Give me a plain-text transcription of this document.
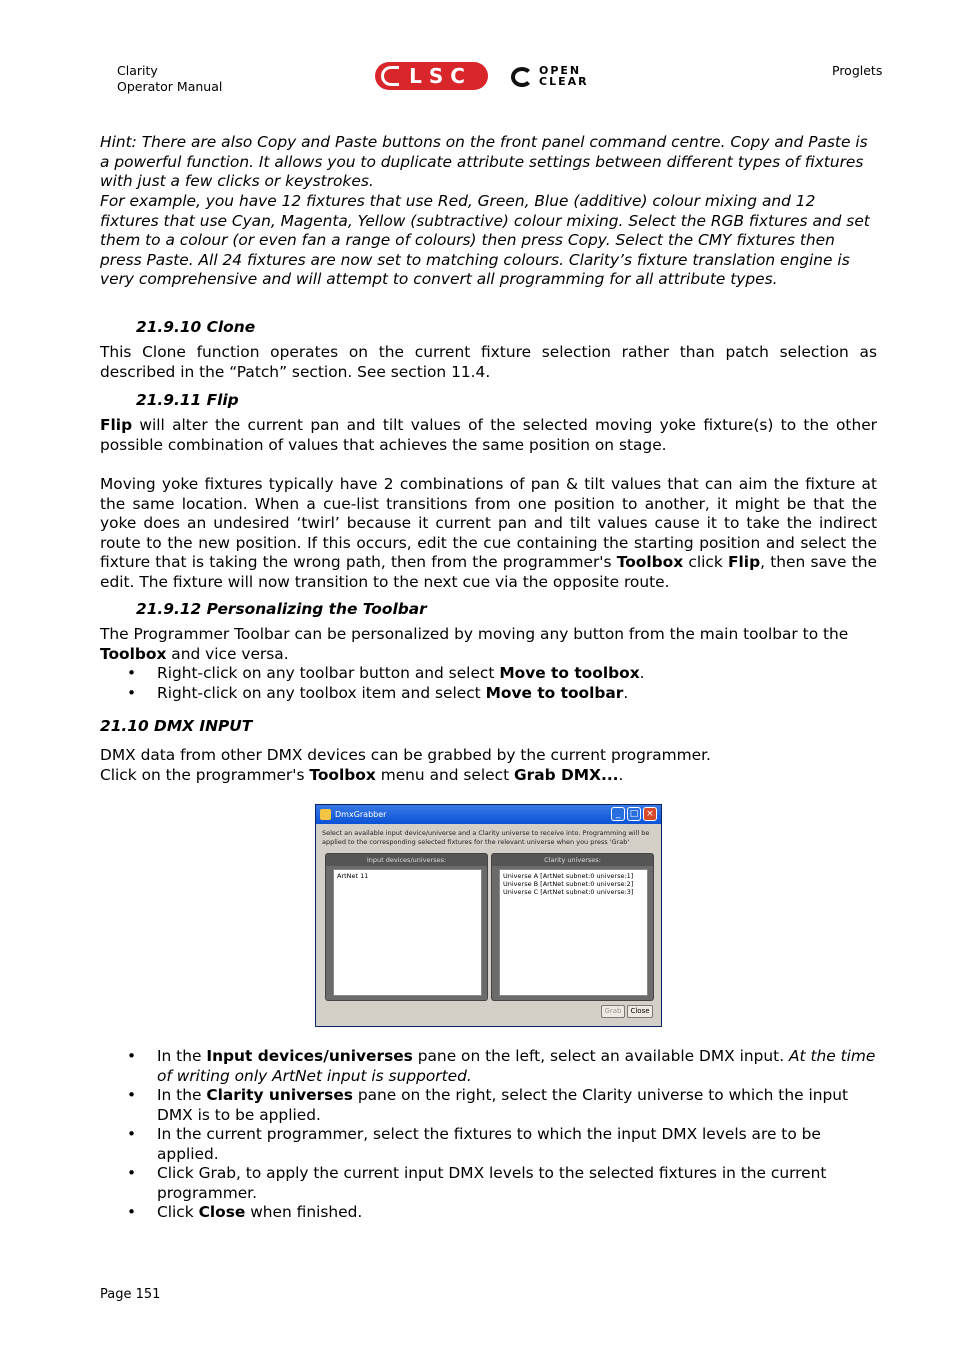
Clarity
Operator Manual	LSC	OPEN
CLEAR
Proglets
Hint: There are also Copy and Paste buttons on the front panel command centre. Copy and Paste is a powerful function. It allows you to duplicate attribute settings between different types of fixtures with just a few clicks or keystrokes.
For example, you have 12 fixtures that use Red, Green, Blue (additive) colour mixing and 12 fixtures that use Cyan, Magenta, Yellow (subtractive) colour mixing. Select the RGB fixtures and set them to a colour (or even fan a range of colours) then press Copy. Select the CMY fixtures then press Paste. All 24 fixtures are now set to matching colours. Clarity’s fixture translation engine is very comprehensive and will attempt to convert all programming for all attribute types.
21.9.10 Clone
This Clone function operates on the current fixture selection rather than patch selection as described in the “Patch” section. See section 11.4.
21.9.11 Flip
Flip will alter the current pan and tilt values of the selected moving yoke fixture(s) to the other possible combination of values that achieves the same position on stage.
Moving yoke fixtures typically have 2 combinations of pan & tilt values that can aim the fixture at the same location. When a cue-list transitions from one position to another, it might be that the yoke does an undesired ‘twirl’ because it current pan and tilt values cause it to take the indirect route to the new position. If this occurs, edit the cue containing the starting position and select the fixture that is taking the wrong path, then from the programmer's Toolbox click Flip, then save the edit. The fixture will now transition to the next cue via the opposite route.
21.9.12 Personalizing the Toolbar
The Programmer Toolbar can be personalized by moving any button from the main toolbar to the Toolbox and vice versa.
• Right-click on any toolbar button and select Move to toolbox.
• Right-click on any toolbox item and select Move to toolbar.
21.10 DMX INPUT
DMX data from other DMX devices can be grabbed by the current programmer.
Click on the programmer's Toolbox menu and select Grab DMX....
DmxGrabber	_	□ ×
Select an available input device/universe and a Clarity universe to receive into. Programming will be applied to the corresponding selected fixtures for the relevant universe when you press 'Grab'
Input devices/universes:
ArtNet 11
Clarity universes:
Universe A [ArtNet subnet:0 universe:1]
Universe B [ArtNet subnet:0 universe:2]
Universe C [ArtNet subnet:0 universe:3]
Grab	Close
• In the Input devices/universes pane on the left, select an available DMX input. At the time of writing only ArtNet input is supported.
• In the Clarity universes pane on the right, select the Clarity universe to which the input DMX is to be applied.
• In the current programmer, select the fixtures to which the input DMX levels are to be applied.
• Click Grab, to apply the current input DMX levels to the selected fixtures in the current programmer.
• Click Close when finished.
Page 151
